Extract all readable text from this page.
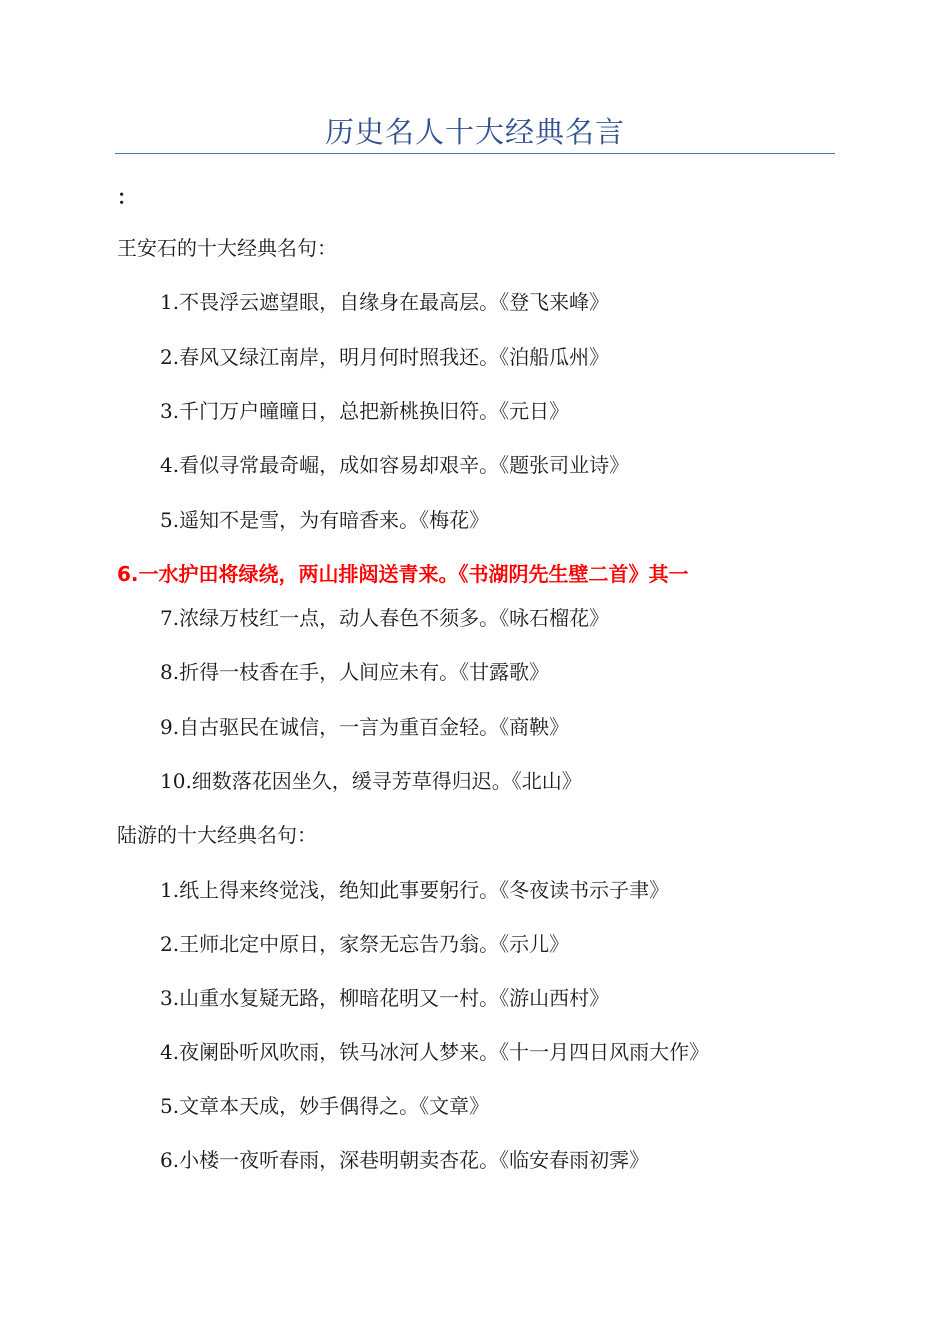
历史名人十大经典名言
：
王安石的十大经典名句：
1.不畏浮云遮望眼，自缘身在最高层。《登飞来峰》
2.春风又绿江南岸，明月何时照我还。《泊船瓜州》
3.千门万户曈曈日，总把新桃换旧符。《元日》
4.看似寻常最奇崛，成如容易却艰辛。《题张司业诗》
5.遥知不是雪，为有暗香来。《梅花》
6.一水护田将绿绕，两山排闼送青来。《书湖阴先生壁二首》其一
7.浓绿万枝红一点，动人春色不须多。《咏石榴花》
8.折得一枝香在手，人间应未有。《甘露歌》
9.自古驱民在诚信，一言为重百金轻。《商鞅》
10.细数落花因坐久，缓寻芳草得归迟。《北山》
陆游的十大经典名句：
1.纸上得来终觉浅，绝知此事要躬行。《冬夜读书示子聿》
2.王师北定中原日，家祭无忘告乃翁。《示儿》
3.山重水复疑无路，柳暗花明又一村。《游山西村》
4.夜阑卧听风吹雨，铁马冰河人梦来。《十一月四日风雨大作》
5.文章本天成，妙手偶得之。《文章》
6.小楼一夜听春雨，深巷明朝卖杏花。《临安春雨初霁》
